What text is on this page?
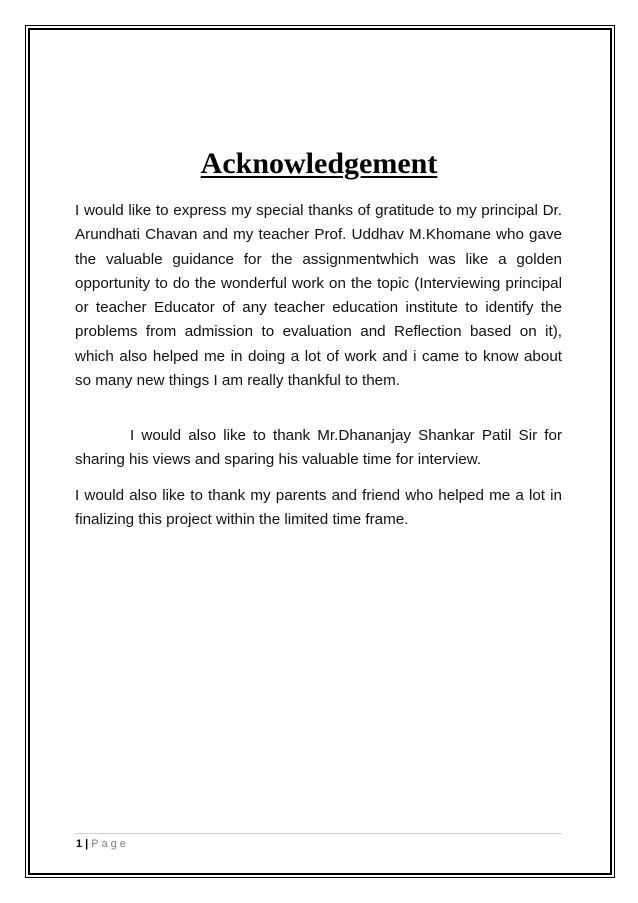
Acknowledgement

I would like to express my special thanks of gratitude to my principal Dr. Arundhati Chavan and my teacher Prof. Uddhav M.Khomane who gave the valuable guidance for the assignmentwhich was like a golden opportunity to do the wonderful work on the topic (Interviewing principal or teacher Educator of any teacher education institute to identify the problems from admission to evaluation and Reflection based on it), which also helped me in doing a lot of work and i came to know about so many new things I am really thankful to them.

I would also like to thank Mr.Dhananjay Shankar Patil Sir for sharing his views and sparing his valuable time for interview.

I would also like to thank my parents and friend who helped me a lot in finalizing this project within the limited time frame.

1 | Page
